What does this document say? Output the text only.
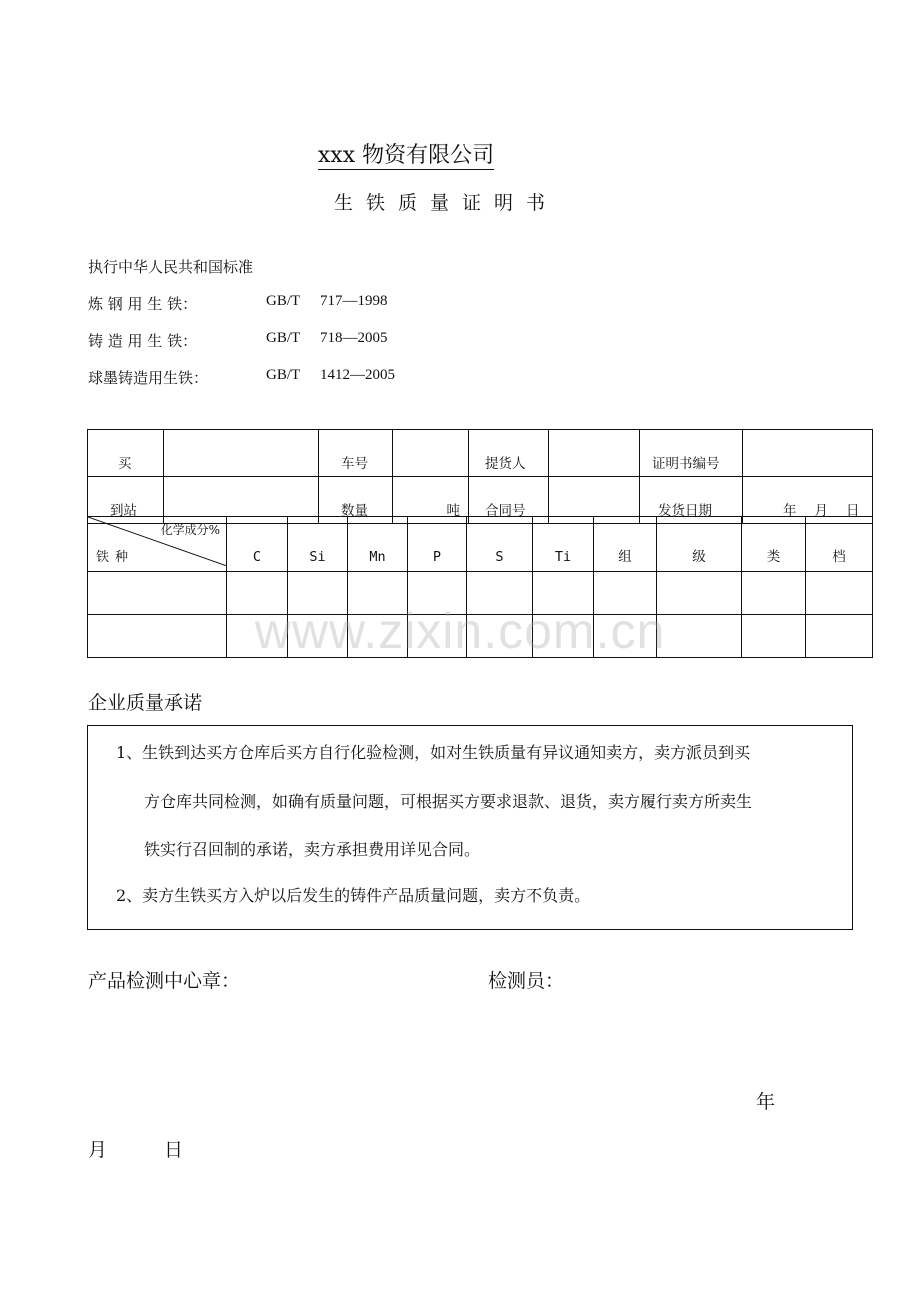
xxx 物资有限公司
生铁质量证明书
执行中华人民共和国标准
炼 钢 用 生 铁：	GB/T 717—1998
铸 造 用 生 铁：	GB/T 718—2005
球墨铸造用生铁：	GB/T 1412—2005
买		车号		提货人		证明书编号	
到站		数量	吨	合同号		发货日期	年 月 日
化学成分%
铁种	C	Si	Mn	P	S	Ti	组	级	类	档

www.zixin.com.cn
企业质量承诺
1、生铁到达买方仓库后买方自行化验检测，如对生铁质量有异议通知卖方，卖方派员到买
方仓库共同检测，如确有质量问题，可根据买方要求退款、退货，卖方履行卖方所卖生
铁实行召回制的承诺，卖方承担费用详见合同。
2、卖方生铁买方入炉以后发生的铸件产品质量问题，卖方不负责。
产品检测中心章：	检测员：
年
月	日
